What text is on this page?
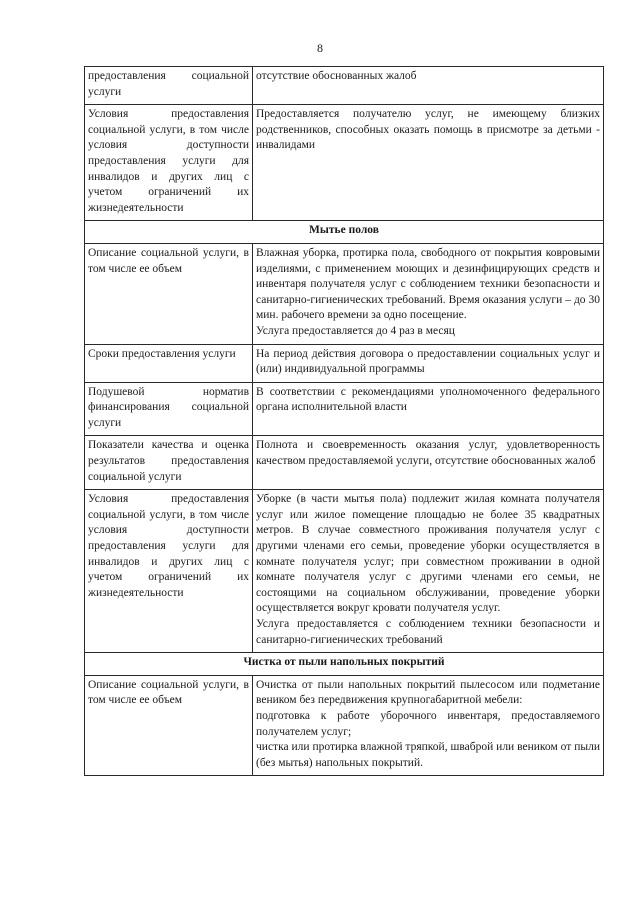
8
предоставления социальной услуги	отсутствие обоснованных жалоб

Условия предоставления социальной услуги, в том числе условия доступности предоставления услуги для инвалидов и других лиц с учетом ограничений их жизнедеятельности	Предоставляется получателю услуг, не имеющему близких родственников, способных оказать помощь в присмотре за детьми - инвалидами

Мытье полов	
Описание социальной услуги, в том числе ее объем	Влажная уборка, протирка пола, свободного от покрытия ковровыми изделиями, с применением моющих и дезинфицирующих средств и инвентаря получателя услуг с соблюдением техники безопасности и санитарно-гигиенических требований. Время оказания услуги – до 30 мин. рабочего времени за одно посещение.
Услуга предоставляется до 4 раз в месяц

Сроки предоставления услуги	На период действия договора о предоставлении социальных услуг и (или) индивидуальной программы

Подушевой норматив финансирования социальной услуги	В соответствии с рекомендациями уполномоченного федерального органа исполнительной власти

Показатели качества и оценка результатов предоставления социальной услуги	Полнота и своевременность оказания услуг, удовлетворенность качеством предоставляемой услуги, отсутствие обоснованных жалоб

Условия предоставления социальной услуги, в том числе условия доступности предоставления услуги для инвалидов и других лиц с учетом ограничений их жизнедеятельности	Уборке (в части мытья пола) подлежит жилая комната получателя услуг или жилое помещение площадью не более 35 квадратных метров. В случае совместного проживания получателя услуг с другими членами его семьи, проведение уборки осуществляется в комнате получателя услуг; при совместном проживании в одной комнате получателя услуг с другими членами его семьи, не состоящими на социальном обслуживании, проведение уборки осуществляется вокруг кровати получателя услуг.
Услуга предоставляется с соблюдением техники безопасности и санитарно-гигиенических требований

Чистка от пыли напольных покрытий	
Описание социальной услуги, в том числе ее объем	Очистка от пыли напольных покрытий пылесосом или подметание веником без передвижения крупногабаритной мебели:
подготовка к работе уборочного инвентаря, предоставляемого получателем услуг;
чистка или протирка влажной тряпкой, шваброй или веником от пыли (без мытья) напольных покрытий.
